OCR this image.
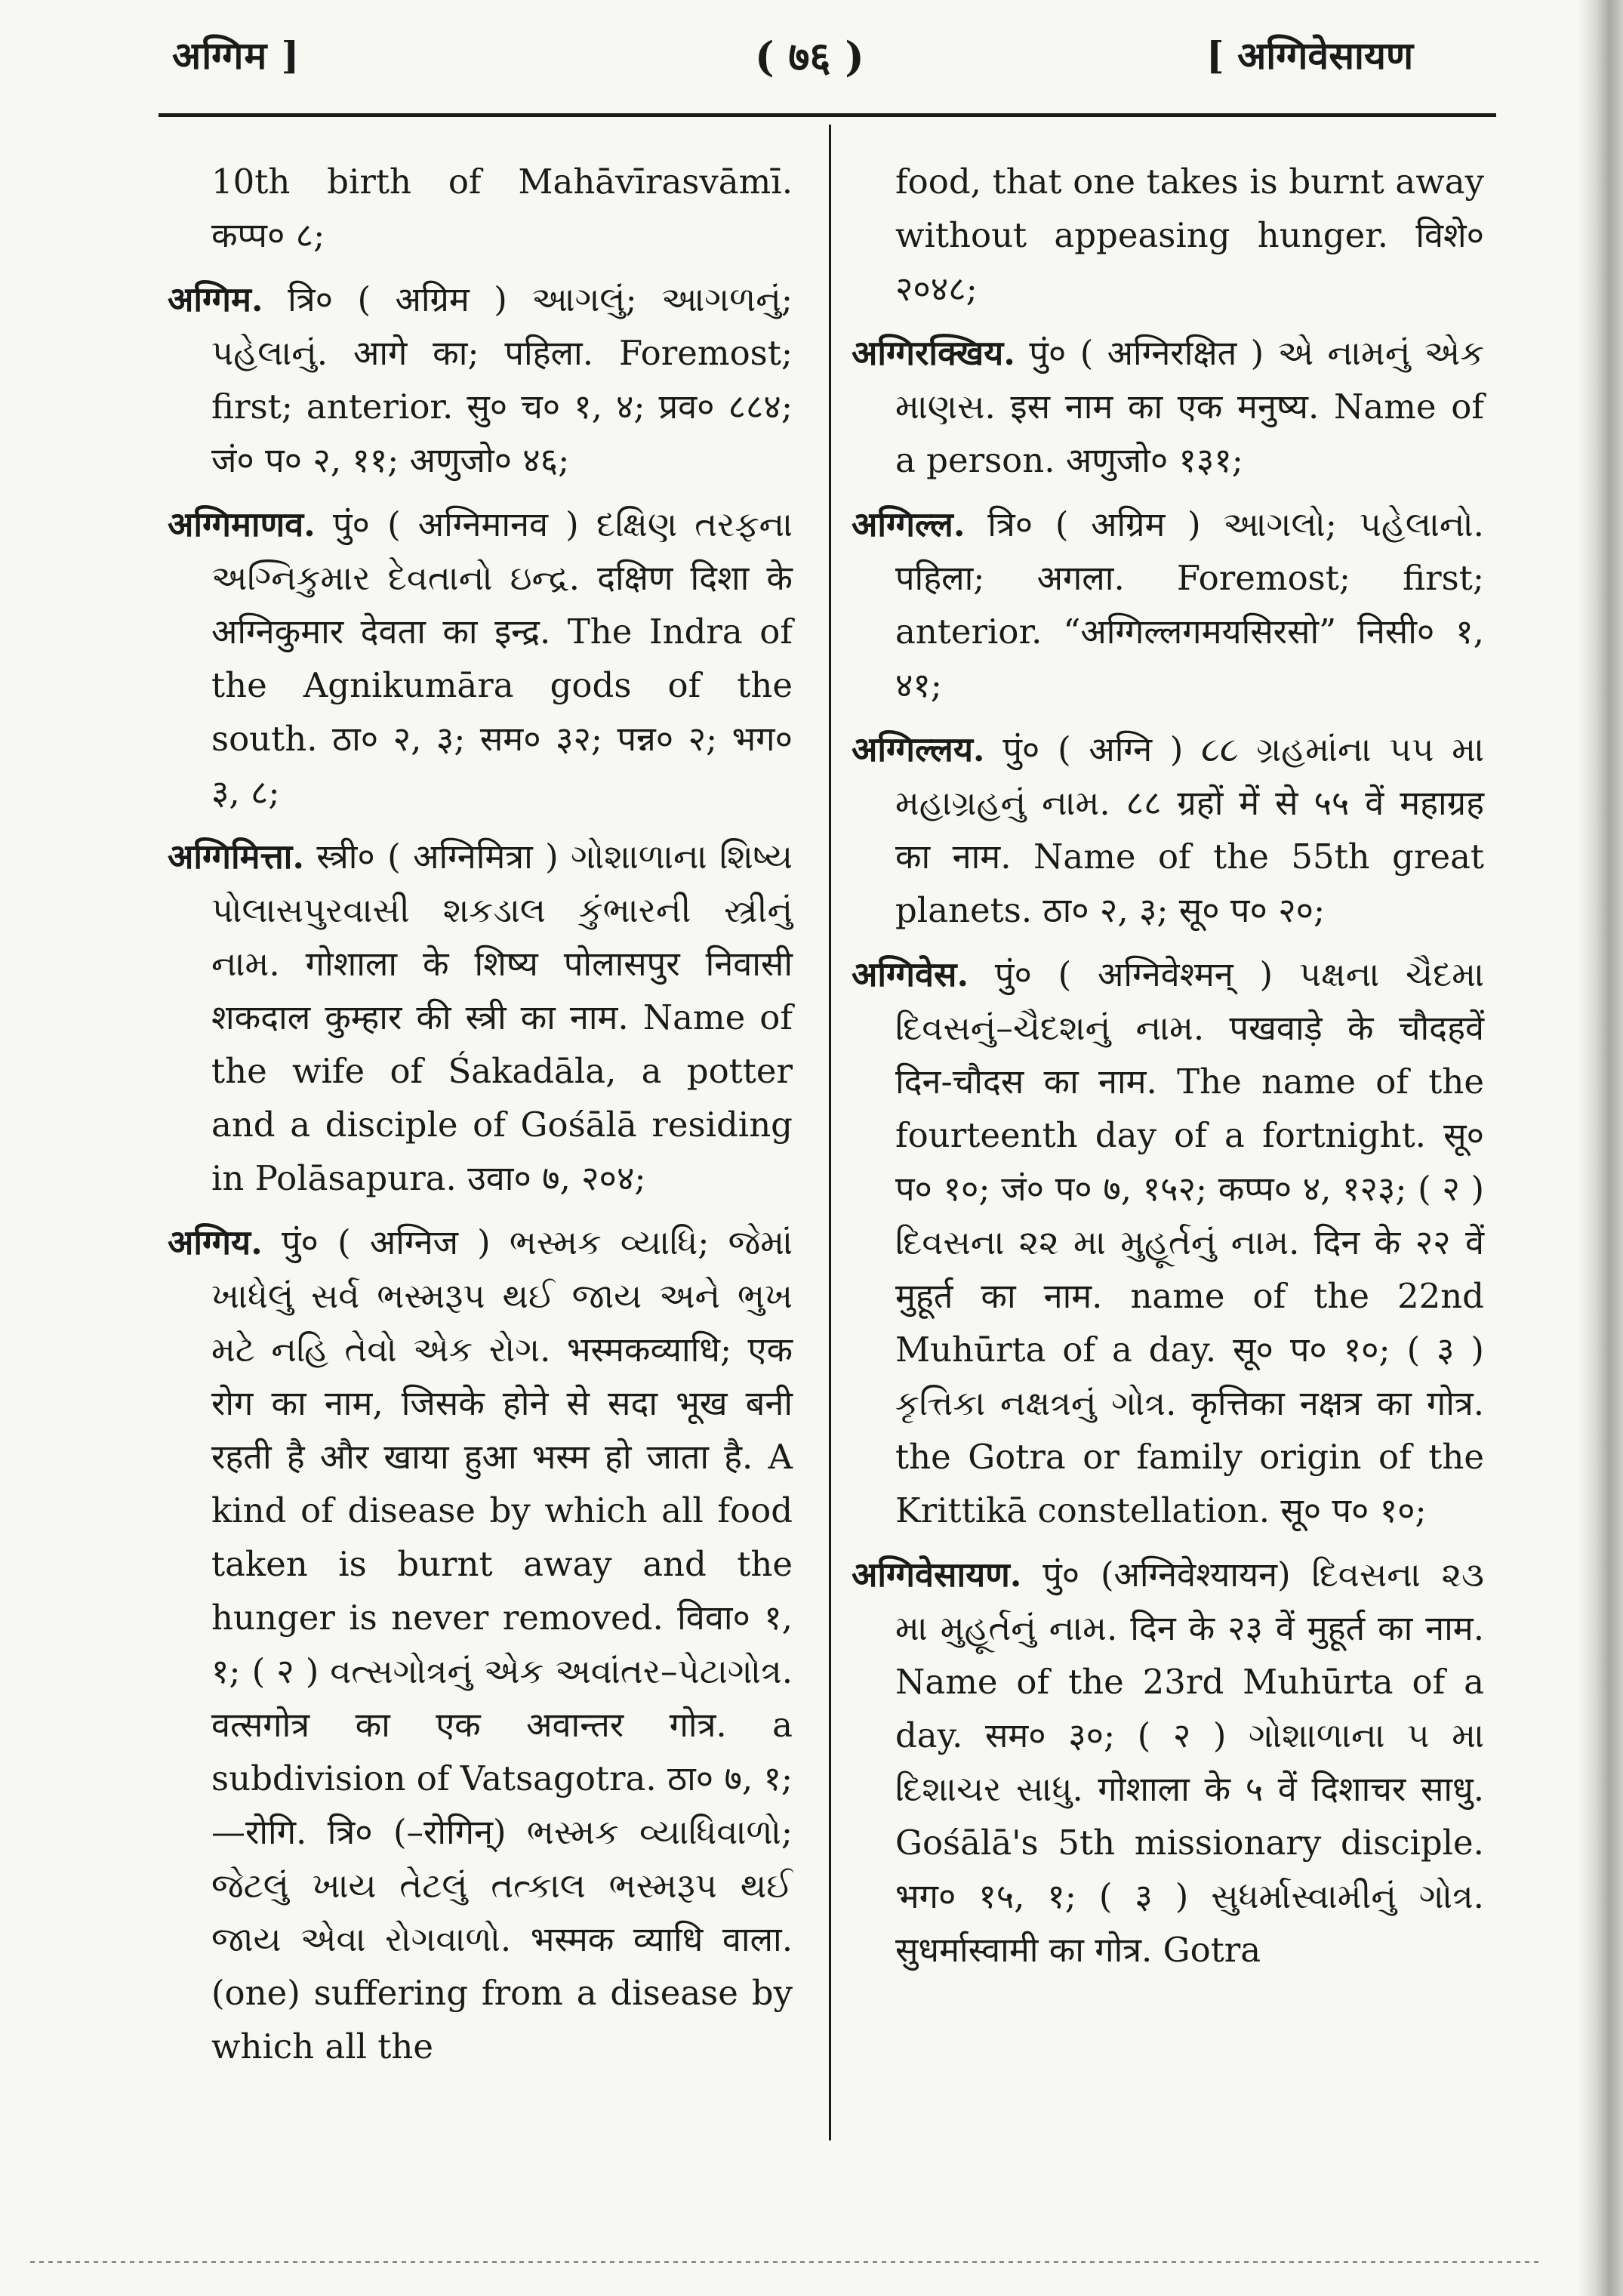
अग्गिम ]	( ७६ )	[ अग्गिवेसायण
10th birth of Mahāvīrasvāmī. कप्प० ८;
अग्गिम. त्रि० ( अग्रिम ) આગલું; આગળનું; પહેલાનું. आगे का; पहिला. Foremost; first; anterior. सु० च० १, ४; प्रव० ८८४; जं० प० २, ११; अणुजो० ४६;
अग्गिमाणव. पुं० ( अग्निमानव ) દક્ષિણ તરફના અગ્નિકુમાર દેવતાનો ઇન્દ્ર. दक्षिण दिशा के अग्निकुमार देवता का इन्द्र. The Indra of the Agnikumāra gods of the south. ठा० २, ३; सम० ३२; पन्न० २; भग० ३, ८;
अग्गिमित्ता. स्त्री० ( अग्निमित्रा ) ગોશાળાના શિષ્ય પોલાસપુરવાસી શકડાલ કુંભારની સ્ત્રીનું નામ. गोशाला के शिष्य पोलासपुर निवासी शकदाल कुम्हार की स्त्री का नाम. Name of the wife of Śakadāla, a potter and a disciple of Gośālā residing in Polāsapura. उवा० ७, २०४;
अग्गिय. पुं० ( अग्निज ) ભસ્મક વ્યાધિ; જેમાં ખાધેલું સર્વ ભસ્મરૂપ થઈ જાય અને ભુખ મટે નહિ તેવો એક રોગ. भस्मकव्याधि; एक रोग का नाम, जिसके होने से सदा भूख बनी रहती है और खाया हुआ भस्म हो जाता है. A kind of disease by which all food taken is burnt away and the hunger is never removed. विवा० १, १; ( २ ) વત્સગોત્રનું એક અવાંતર–પેટાગોત્ર. वत्सगोत्र का एक अवान्तर गोत्र. a subdivision of Vatsagotra. ठा० ७, १;—रोगि. त्रि० (–रोगिन्) ભસ્મક વ્યાધિવાળો; જેટલું ખાય તેટલું તત્કાલ ભસ્મરૂપ થઈ જાય એવા રોગવાળો. भस्मक व्याधि वाला. (one) suffering from a disease by which all the
food, that one takes is burnt away without appeasing hunger. विशे० २०४८;
अग्गिरक्खिय. पुं० ( अग्निरक्षित ) એ નામનું એક માણસ. इस नाम का एक मनुष्य. Name of a person. अणुजो० १३१;
अग्गिल्ल. त्रि० ( अग्रिम ) આગલો; પહેલાનો. पहिला; अगला. Foremost; first; anterior. “अग्गिल्लगमयसिरसो” निसी० १, ४१;
अग्गिल्लय. पुं० ( अग्नि ) ૮૮ ગ્રહમાંના ૫૫ મા મહાગ્રહનું નામ. ८८ ग्रहों में से ५५ वें महाग्रह का नाम. Name of the 55th great planets. ठा० २, ३; सू० प० २०;
अग्गिवेस. पुं० ( अग्निवेश्मन् ) પક્ષના ચૈદમા દિવસનું–ચૈદશનું નામ. पखवाड़े के चौदहवें दिन-चौदस का नाम. The name of the fourteenth day of a fortnight. सू० प० १०; जं० प० ७, १५२; कप्प० ४, १२३; ( २ ) દિવસના ૨૨ મા મુહૂર્તનું નામ. दिन के २२ वें मुहूर्त का नाम. name of the 22nd Muhūrta of a day. सू० प० १०; ( ३ ) કૃત્તિકા નક્ષત્રનું ગોત્ર. कृत्तिका नक्षत्र का गोत्र. the Gotra or family origin of the Krittikā constellation. सू० प० १०;
अग्गिवेसायण. पुं० (अग्निवेश्यायन) દિવસના ૨૩ મા મુહૂર્તનું નામ. दिन के २३ वें मुहूर्त का नाम. Name of the 23rd Muhūrta of a day. सम० ३०; ( २ ) ગોશાળાના ૫ મા દિશાચર સાધુ. गोशाला के ५ वें दिशाचर साधु. Gośālā's 5th missionary disciple. भग० १५, १; ( ३ ) સુધર્માસ્વામીનું ગોત્ર. सुधर्मास्वामी का गोत्र. Gotra
